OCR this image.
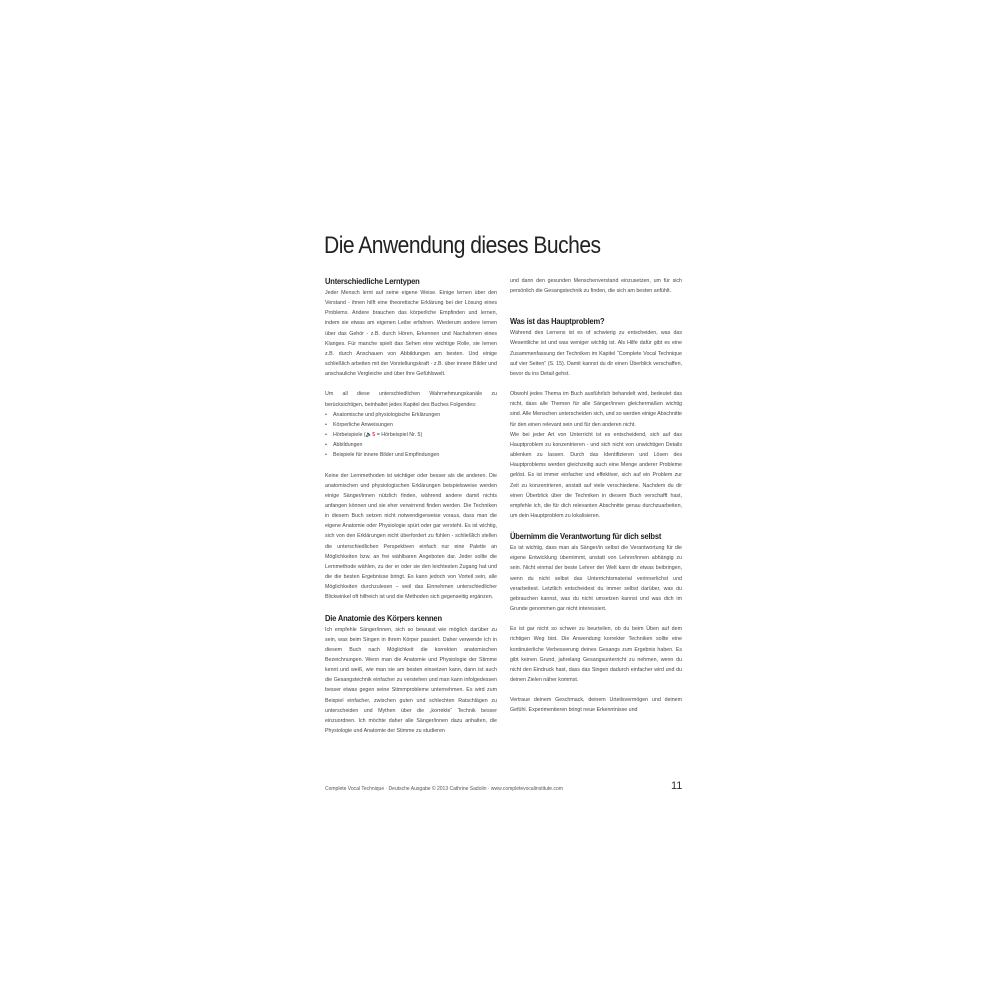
Die Anwendung dieses Buches
Unterschiedliche Lerntypen

Jeder Mensch lernt auf seine eigene Weise. Einige lernen über den Verstand - ihnen hilft eine theoretische Erklärung bei der Lösung eines Problems. Andere brauchen das körperliche Empfinden und lernen, indem sie etwas am eigenen Leibe erfahren. Wiederum andere lernen über das Gehör - z.B. durch Hören, Erkennen und Nachahmen eines Klanges. Für manche spielt das Sehen eine wichtige Rolle, sie lernen z.B. durch Anschauen von Abbildungen am besten. Und einige schließlich arbeiten mit der Vorstellungskraft - z.B. über innere Bilder und anschauliche Vergleiche und über ihre Gefühlswelt.

Um all diese unterschiedlichen Wahrnehmungskanäle zu berücksichtigen, beinhaltet jedes Kapitel des Buches Folgendes:

• Anatomische und physiologische Erklärungen
• Körperliche Anweisungen
• Hörbeispiele (🔈5 = Hörbeispiel Nr. 5)
• Abbildungen
• Beispiele für innere Bilder und Empfindungen

Keine der Lernmethoden ist wichtiger oder besser als die anderen. Die anatomischen und physiologischen Erklärungen beispielsweise werden einige Sänger/innen nützlich finden, während andere damit nichts anfangen können und sie eher verwirrend finden werden. Die Techniken in diesem Buch setzen nicht notwendigerweise voraus, dass man die eigene Anatomie oder Physiologie spürt oder gar versteht. Es ist wichtig, sich von den Erklärungen nicht überfordert zu fühlen - schließlich stellen die unterschiedlichen Perspektiven einfach nur eine Palette an Möglichkeiten bzw. an frei wählbaren Angeboten dar. Jeder sollte die Lernmethode wählen, zu der er oder sie den leichtesten Zugang hat und die die besten Ergebnisse bringt. Es kann jedoch von Vorteil sein, alle Möglichkeiten durchzulesen – weil das Einnehmen unterschiedlicher Blickwinkel oft hilfreich ist und die Methoden sich gegenseitig ergänzen.

Die Anatomie des Körpers kennen

Ich empfehle Sänger/innen, sich so bewusst wie möglich darüber zu sein, was beim Singen in ihrem Körper passiert. Daher verwende ich in diesem Buch nach Möglichkeit die korrekten anatomischen Bezeichnungen. Wenn man die Anatomie und Physiologie der Stimme kennt und weiß, wie man sie am besten einsetzen kann, dann ist auch die Gesangstechnik einfacher zu verstehen und man kann infolgedessen besser etwas gegen seine Stimmprobleme unternehmen. Es wird zum Beispiel einfacher, zwischen guten und schlechten Ratschlägen zu unterscheiden und Mythen über die „korrekte“ Technik besser einzuordnen. Ich möchte daher alle Sänger/innen dazu anhalten, die Physiologie und Anatomie der Stimme zu studieren

und dann den gesunden Menschenverstand einzusetzen, um für sich persönlich die Gesangstechnik zu finden, die sich am besten anfühlt.

Was ist das Hauptproblem?

Während des Lernens ist es of schwierig zu entscheiden, was das Wesentliche ist und was weniger wichtig ist. Als Hilfe dafür gibt es eine Zusammenfassung der Techniken im Kapitel “Complete Vocal Technique auf vier Seiten” (S. 15). Damit kannst du dir einen Überblick verschaffen, bevor du ins Detail gehst.

Obwohl jedes Thema im Buch ausführlich behandelt wird, bedeutet das nicht, dass alle Themen für alle Sänger/innen gleichermaßen wichtig sind. Alle Menschen unterscheiden sich, und so werden einige Abschnitte für den einen relevant sein und für den anderen nicht.

Wie bei jeder Art von Unterricht ist es entscheidend, sich auf das Hauptproblem zu konzentrieren - und sich nicht von unwichtigen Details ablenken zu lassen. Durch das Identifizieren und Lösen des Hauptproblems werden gleichzeitig auch eine Menge anderer Probleme gelöst. Es ist immer einfacher und effektiver, sich auf ein Problem zur Zeit zu konzentrieren, anstatt auf viele verschiedene. Nachdem du dir einen Überblick über die Techniken in diesem Buch verschafft hast, empfehle ich, die für dich relevanten Abschnitte genau durchzuarbeiten, um dein Hauptproblem zu lokalisieren.

Übernimm die Verantwortung für dich selbst

Es ist wichtig, dass man als Sänger/in selbst die Verantwortung für die eigene Entwicklung übernimmt, anstatt von Lehrer/innen abhängig zu sein. Nicht einmal der beste Lehrer der Welt kann dir etwas beibringen, wenn du nicht selbst das Unterrichtsmaterial verinnerlichst und verarbeitest. Letztlich entscheidest du immer selbst darüber, was du gebrauchen kannst, was du nicht umsetzen kannst und was dich im Grunde genommen gar nicht interessiert.

Es ist gar nicht so schwer zu beurteilen, ob du beim Üben auf dem richtigen Weg bist. Die Anwendung korrekter Techniken sollte eine kontinuierliche Verbesserung deines Gesangs zum Ergebnis haben. Es gibt keinen Grund, jahrelang Gesangsunterricht zu nehmen, wenn du nicht den Eindruck hast, dass das Singen dadurch einfacher wird und du deinen Zielen näher kommst.

Vertraue deinem Geschmack, deinem Urteilsvermögen und deinem Gefühl. Experimentieren bringt neue Erkenntnisse und

Complete Vocal Technique · Deutsche Ausgabe © 2013 Cathrine Sadolin · www.completevocalinstitute.com	11
